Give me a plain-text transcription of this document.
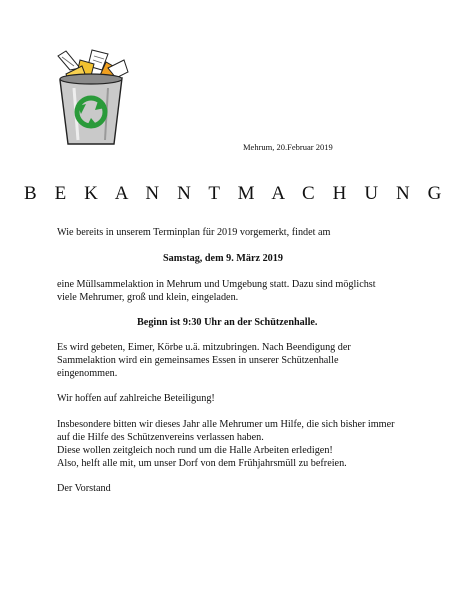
Mehrum, 20.Februar 2019
B E K A N N T M A C H U N G
Wie bereits in unserem Terminplan für 2019 vorgemerkt, findet am
Samstag, dem 9. März 2019
eine Müllsammelaktion in Mehrum und Umgebung statt. Dazu sind möglichst
viele Mehrumer, groß und klein, eingeladen.
Beginn ist 9:30 Uhr an der Schützenhalle.
Es wird gebeten, Eimer, Körbe u.ä. mitzubringen. Nach Beendigung der
Sammelaktion wird ein gemeinsames Essen in unserer Schützenhalle
eingenommen.
Wir hoffen auf zahlreiche Beteiligung!
Insbesondere bitten wir dieses Jahr alle Mehrumer um Hilfe, die sich bisher immer
auf die Hilfe des Schützenvereins verlassen haben.
Diese wollen zeitgleich noch rund um die Halle Arbeiten erledigen!
Also, helft alle mit, um unser Dorf von dem Frühjahrsmüll zu befreien.
Der Vorstand
